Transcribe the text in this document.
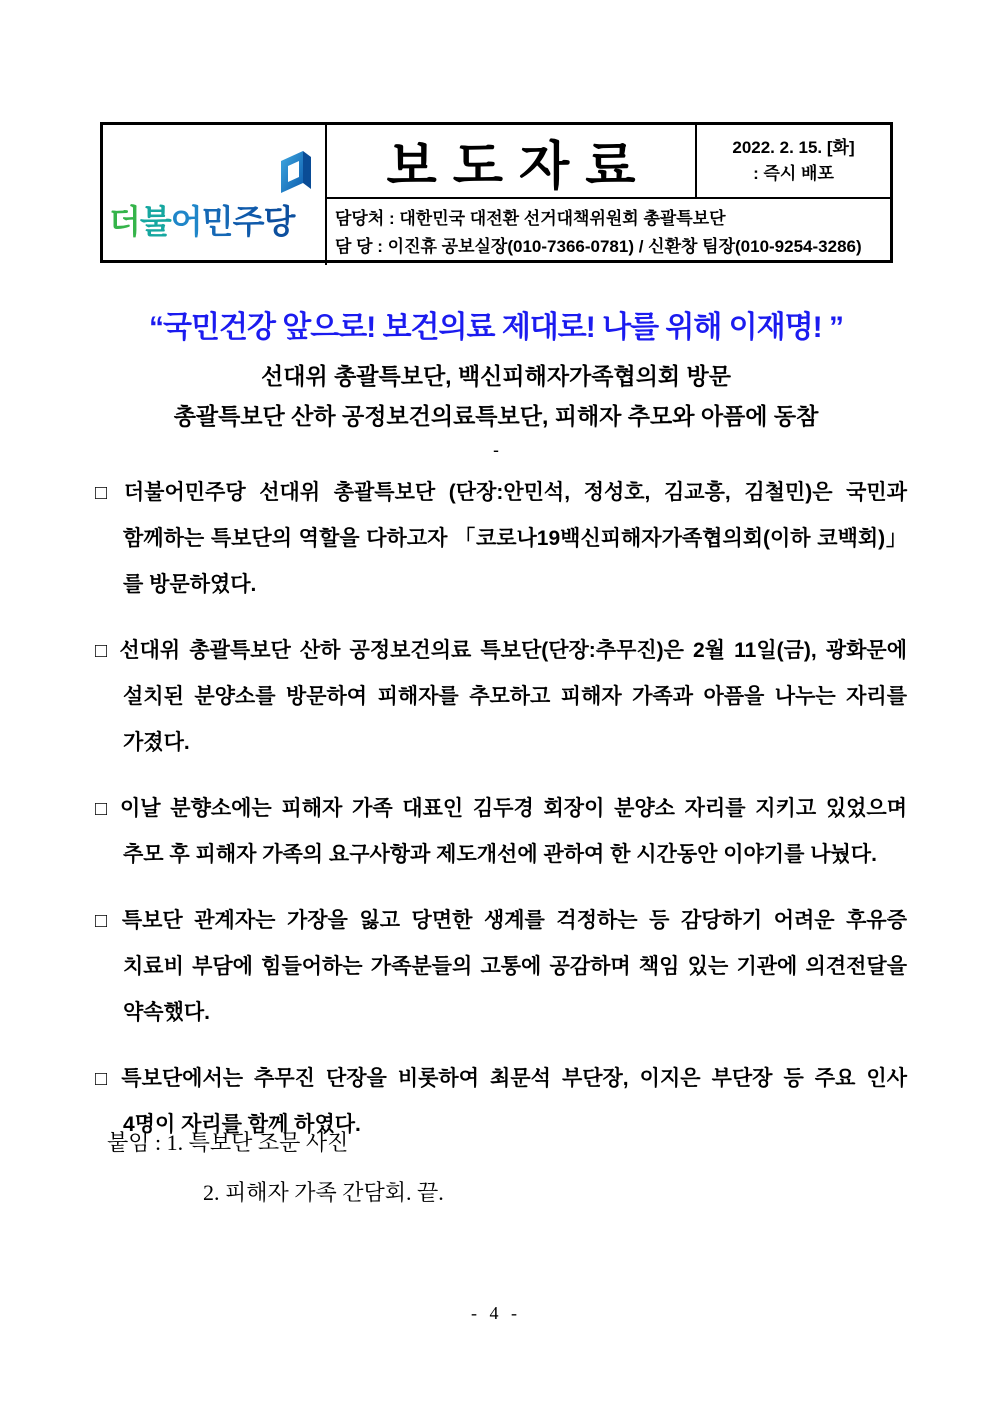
더불어민주당
보도자료	2022. 2. 15. [화]
: 즉시 배포
담당처 : 대한민국 대전환 선거대책위원회 총괄특보단
담 당 : 이진휴 공보실장(010-7366-0781) / 신환창 팀장(010-9254-3286)
“국민건강 앞으로! 보건의료 제대로! 나를 위해 이재명! ”
선대위 총괄특보단, 백신피해자가족협의회 방문
총괄특보단 산하 공정보건의료특보단, 피해자 추모와 아픔에 동참
-
□ 더불어민주당 선대위 총괄특보단 (단장:안민석, 정성호, 김교흥, 김철민)은 국민과 함께하는 특보단의 역할을 다하고자 「코로나19백신피해자가족협의회(이하 코백회)」를 방문하였다.
□ 선대위 총괄특보단 산하 공정보건의료 특보단(단장:추무진)은 2월 11일(금), 광화문에 설치된 분양소를 방문하여 피해자를 추모하고 피해자 가족과 아픔을 나누는 자리를 가졌다.
□ 이날 분향소에는 피해자 가족 대표인 김두경 회장이 분양소 자리를 지키고 있었으며 추모 후 피해자 가족의 요구사항과 제도개선에 관하여 한 시간동안 이야기를 나눴다.
□ 특보단 관계자는 가장을 잃고 당면한 생계를 걱정하는 등 감당하기 어려운 후유증 치료비 부담에 힘들어하는 가족분들의 고통에 공감하며 책임 있는 기관에 의견전달을 약속했다.
□ 특보단에서는 추무진 단장을 비롯하여 최문석 부단장, 이지은 부단장 등 주요 인사 4명이 자리를 함께 하였다.
붙임 : 1. 특보단 조문 사진
2. 피해자 가족 간담회. 끝.
- 4 -
